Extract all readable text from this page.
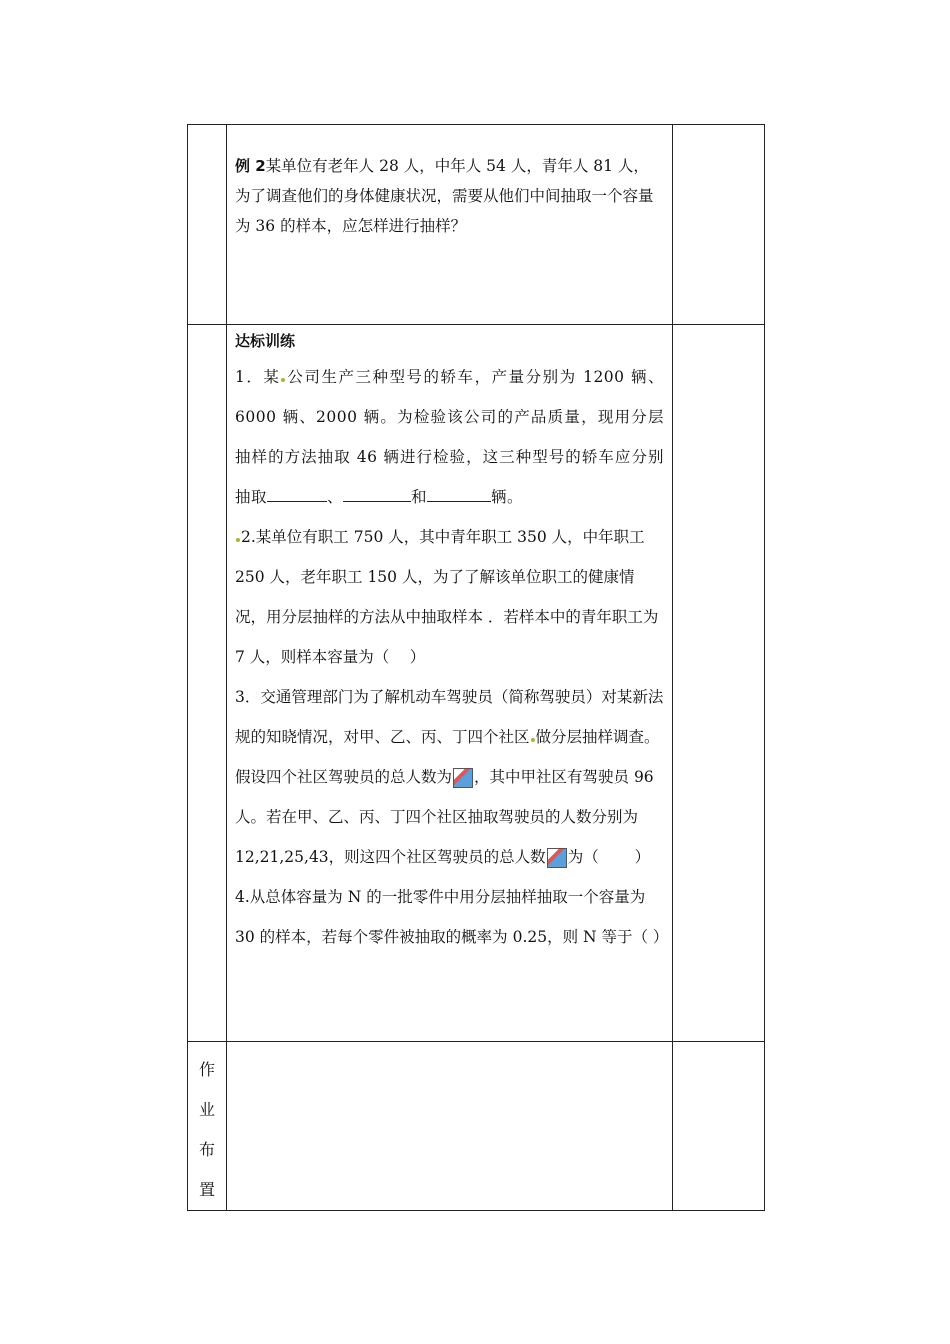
	例 2某单位有老年人 28 人，中年人 54 人，青年人 81 人，为了调查他们的身体健康状况，需要从他们中间抽取一个容量为 36 的样本，应怎样进行抽样？	

	达标训练
1．某 公司生产三种型号的轿车，产量分别为 1200 辆、6000 辆、2000 辆。为检验该公司的产品质量，现用分层抽样的方法抽取 46 辆进行检验，这三种型号的轿车应分别抽取 、 和 辆。
2.某单位有职工 750 人，其中青年职工 350 人，中年职工 250 人，老年职工 150 人，为了了解该单位职工的健康情况，用分层抽样的方法从中抽取样本 ．若样本中的青年职工为 7 人，则样本容量为（　 ）
3．交通管理部门为了解机动车驾驶员（简称驾驶员）对某新法规的知晓情况，对甲、乙、丙、丁四个社区 做分层抽样调查。假设四个社区驾驶员的总人数为 ，其中甲社区有驾驶员 96 人。若在甲、乙、丙、丁四个社区抽取驾驶员的人数分别为 12,21,25,43，则这四个社区驾驶员的总人数 为（　　 ）
4.从总体容量为 N 的一批零件中用分层抽样抽取一个容量为 30 的样本，若每个零件被抽取的概率为 0.25，则 N 等于（ ）	

作
业
布
置		
